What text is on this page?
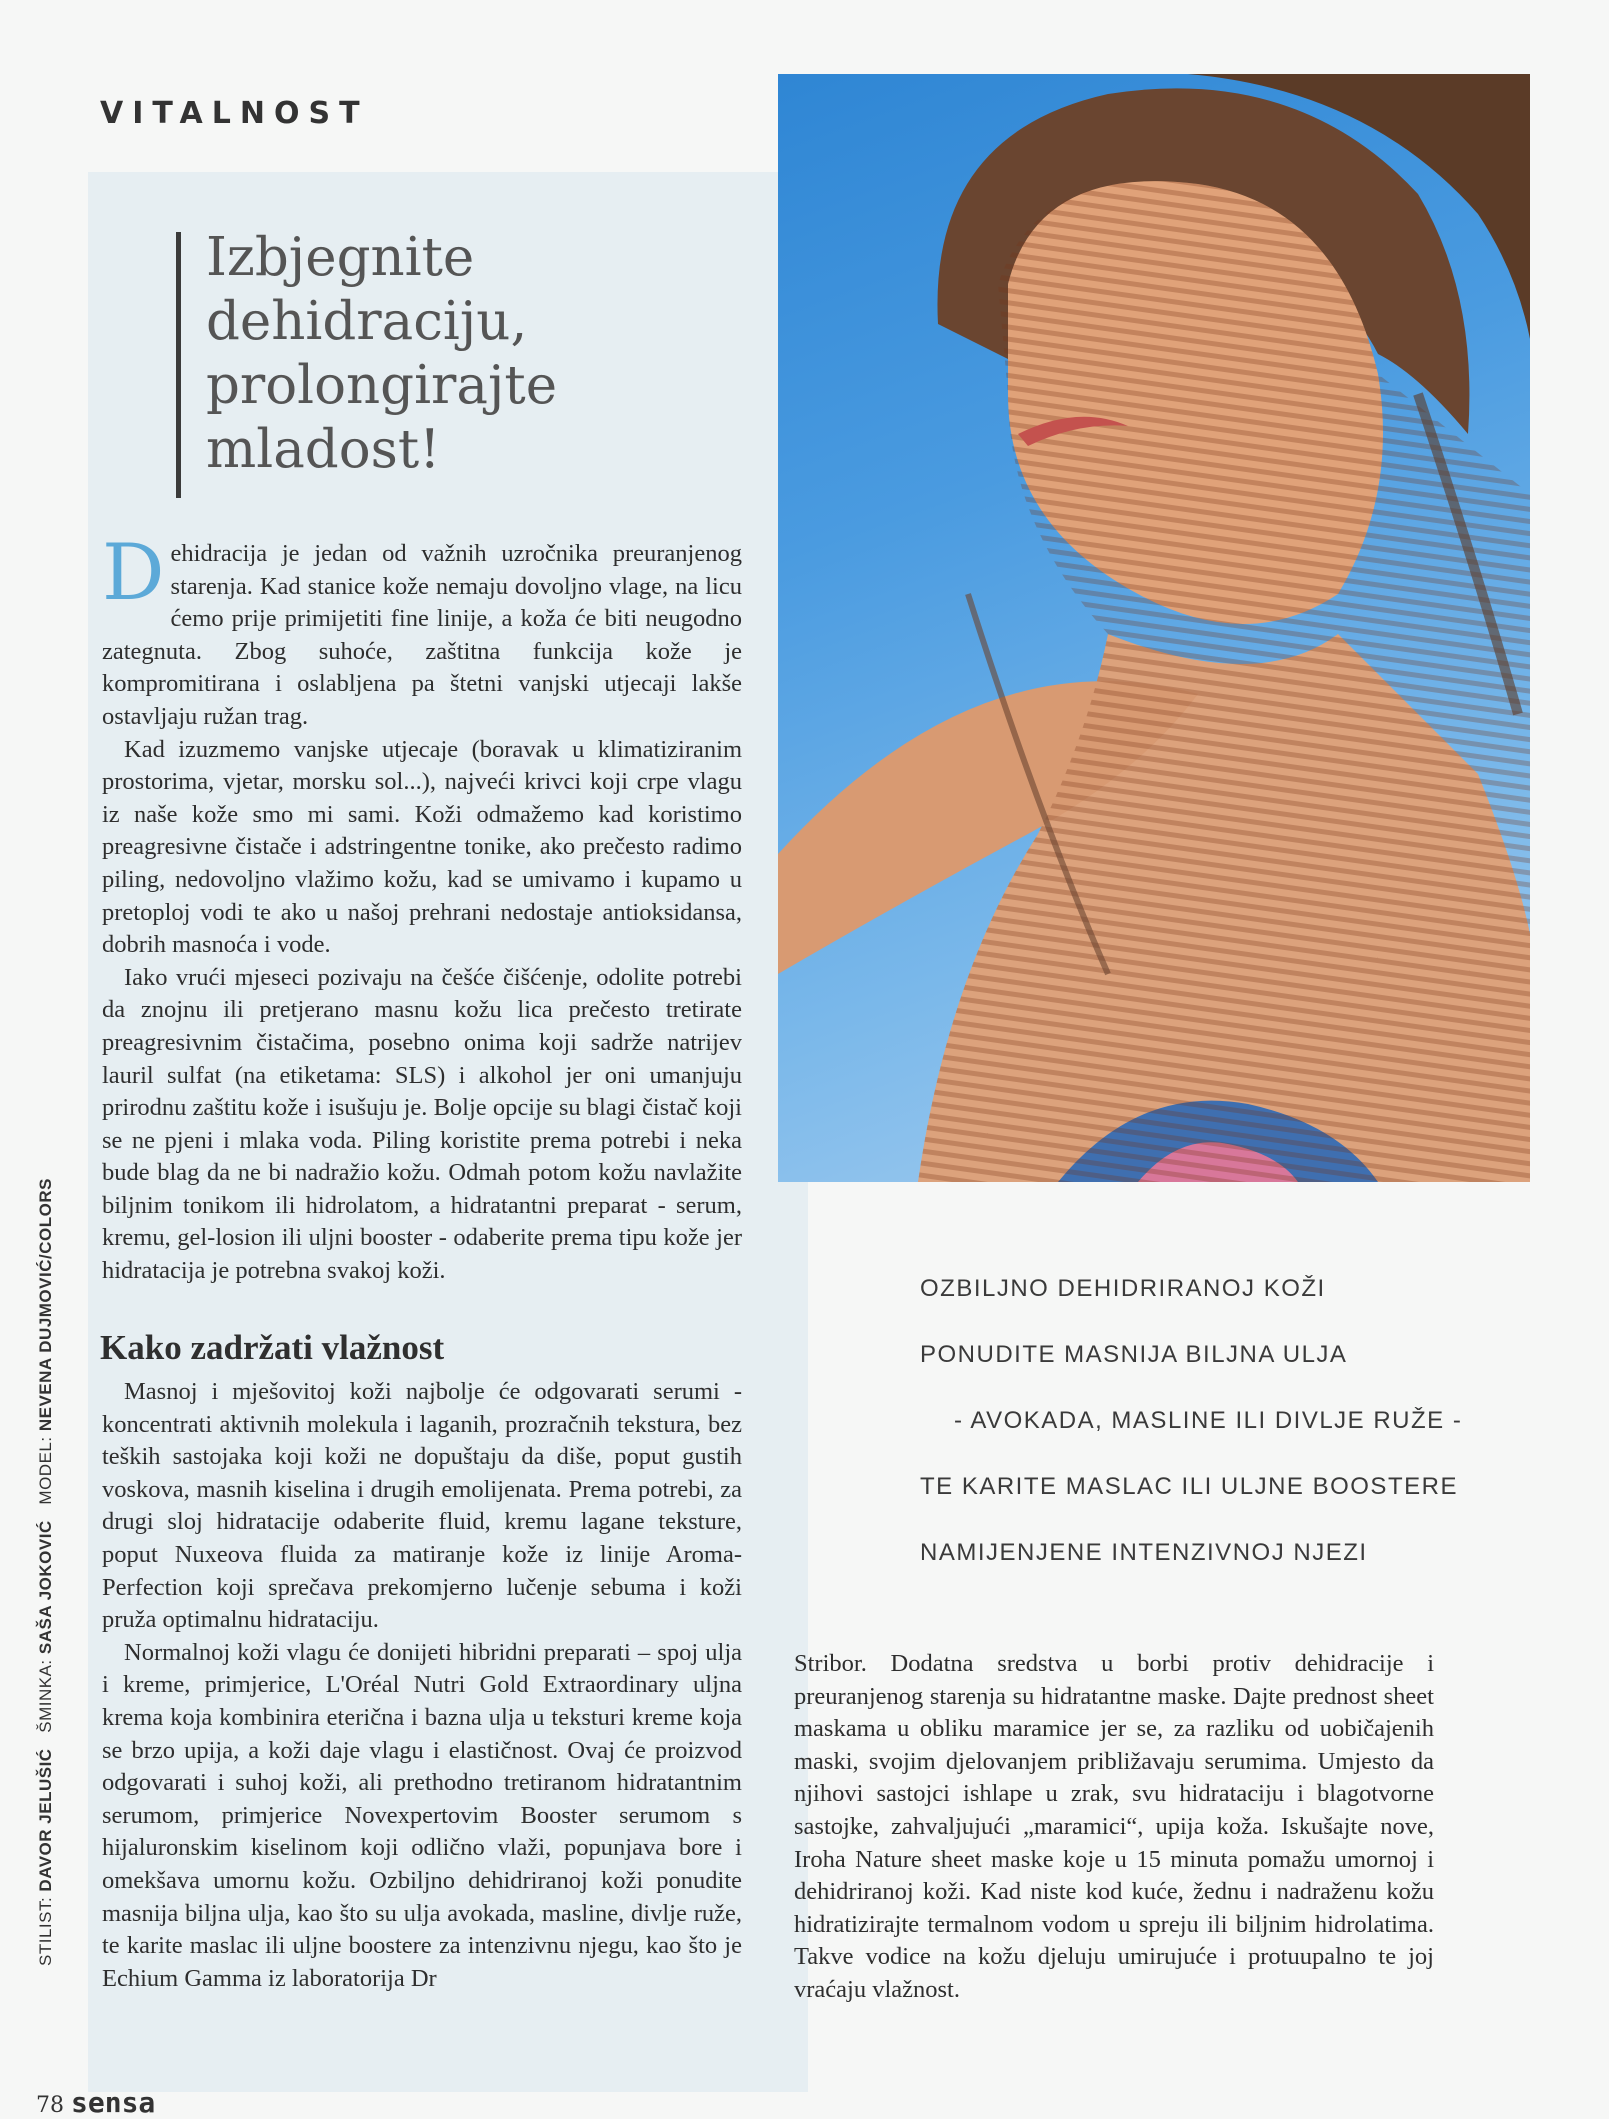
VITALNOST
Izbjegnite dehidraciju, prolongirajte mladost!

Dehidracija je jedan od važnih uzročnika preuranjenog starenja. Kad stanice kože nemaju dovoljno vlage, na licu ćemo prije primijetiti fine linije, a koža će biti neugodno zategnuta. Zbog suhoće, zaštitna funkcija kože je kompromitirana i oslabljena pa štetni vanjski utjecaji lakše ostavljaju ružan trag.

Kad izuzmemo vanjske utjecaje (boravak u klimatiziranim prostorima, vjetar, morsku sol...), najveći krivci koji crpe vlagu iz naše kože smo mi sami. Koži odmažemo kad koristimo preagresivne čistače i adstringentne tonike, ako prečesto radimo piling, nedovoljno vlažimo kožu, kad se umivamo i kupamo u pretoploj vodi te ako u našoj prehrani nedostaje antioksidansa, dobrih masnoća i vode.

Iako vrući mjeseci pozivaju na češće čišćenje, odolite potrebi da znojnu ili pretjerano masnu kožu lica prečesto tretirate preagresivnim čistačima, posebno onima koji sadrže natrijev lauril sulfat (na etiketama: SLS) i alkohol jer oni umanjuju prirodnu zaštitu kože i isušuju je. Bolje opcije su blagi čistač koji se ne pjeni i mlaka voda. Piling koristite prema potrebi i neka bude blag da ne bi nadražio kožu. Odmah potom kožu navlažite biljnim tonikom ili hidrolatom, a hidratantni preparat - serum, kremu, gel-losion ili uljni booster - odaberite prema tipu kože jer hidratacija je potrebna svakoj koži.

Kako zadržati vlažnost

Masnoj i mješovitoj koži najbolje će odgovarati serumi - koncentrati aktivnih molekula i laganih, prozračnih tekstura, bez teških sastojaka koji koži ne dopuštaju da diše, poput gustih voskova, masnih kiselina i drugih emolijenata. Prema potrebi, za drugi sloj hidratacije odaberite fluid, kremu lagane teksture, poput Nuxeova fluida za matiranje kože iz linije Aroma-Perfection koji sprečava prekomjerno lučenje sebuma i koži pruža optimalnu hidrataciju.

Normalnoj koži vlagu će donijeti hibridni preparati – spoj ulja i kreme, primjerice, L'Oréal Nutri Gold Extraordinary uljna krema koja kombinira eterična i bazna ulja u teksturi kreme koja se brzo upija, a koži daje vlagu i elastičnost. Ovaj će proizvod odgovarati i suhoj koži, ali prethodno tretiranom hidratantnim serumom, primjerice Novexpertovim Booster serumom s hijaluronskim kiselinom koji odlično vlaži, popunjava bore i omekšava umornu kožu. Ozbiljno dehidriranoj koži ponudite masnija biljna ulja, kao što su ulja avokada, masline, divlje ruže, te karite maslac ili uljne boostere za intenzivnu njegu, kao što je Echium Gamma iz laboratorija Dr

OZBILJNO DEHIDRIRANOJ KOŽI
PONUDITE MASNIJA BILJNA ULJA
- AVOKADA, MASLINE ILI DIVLJE RUŽE -
TE KARITE MASLAC ILI ULJNE BOOSTERE
NAMIJENJENE INTENZIVNOJ NJEZI

Stribor. Dodatna sredstva u borbi protiv dehidracije i preuranjenog starenja su hidratantne maske. Dajte prednost sheet maskama u obliku maramice jer se, za razliku od uobičajenih maski, svojim djelovanjem približavaju serumima. Umjesto da njihovi sastojci ishlape u zrak, svu hidrataciju i blagotvorne sastojke, zahvaljujući „maramici“, upija koža. Iskušajte nove, Iroha Nature sheet maske koje u 15 minuta pomažu umornoj i dehidriranoj koži. Kad niste kod kuće, žednu i nadraženu kožu hidratizirajte termalnom vodom u spreju ili biljnim hidrolatima. Takve vodice na kožu djeluju umirujuće i protuupalno te joj vraćaju vlažnost.

STILIST: DAVOR JELUŠIĆ   ŠMINKA: SAŠA JOKOVIĆ   MODEL: NEVENA DUJMOVIĆ/COLORS
78 sensa
